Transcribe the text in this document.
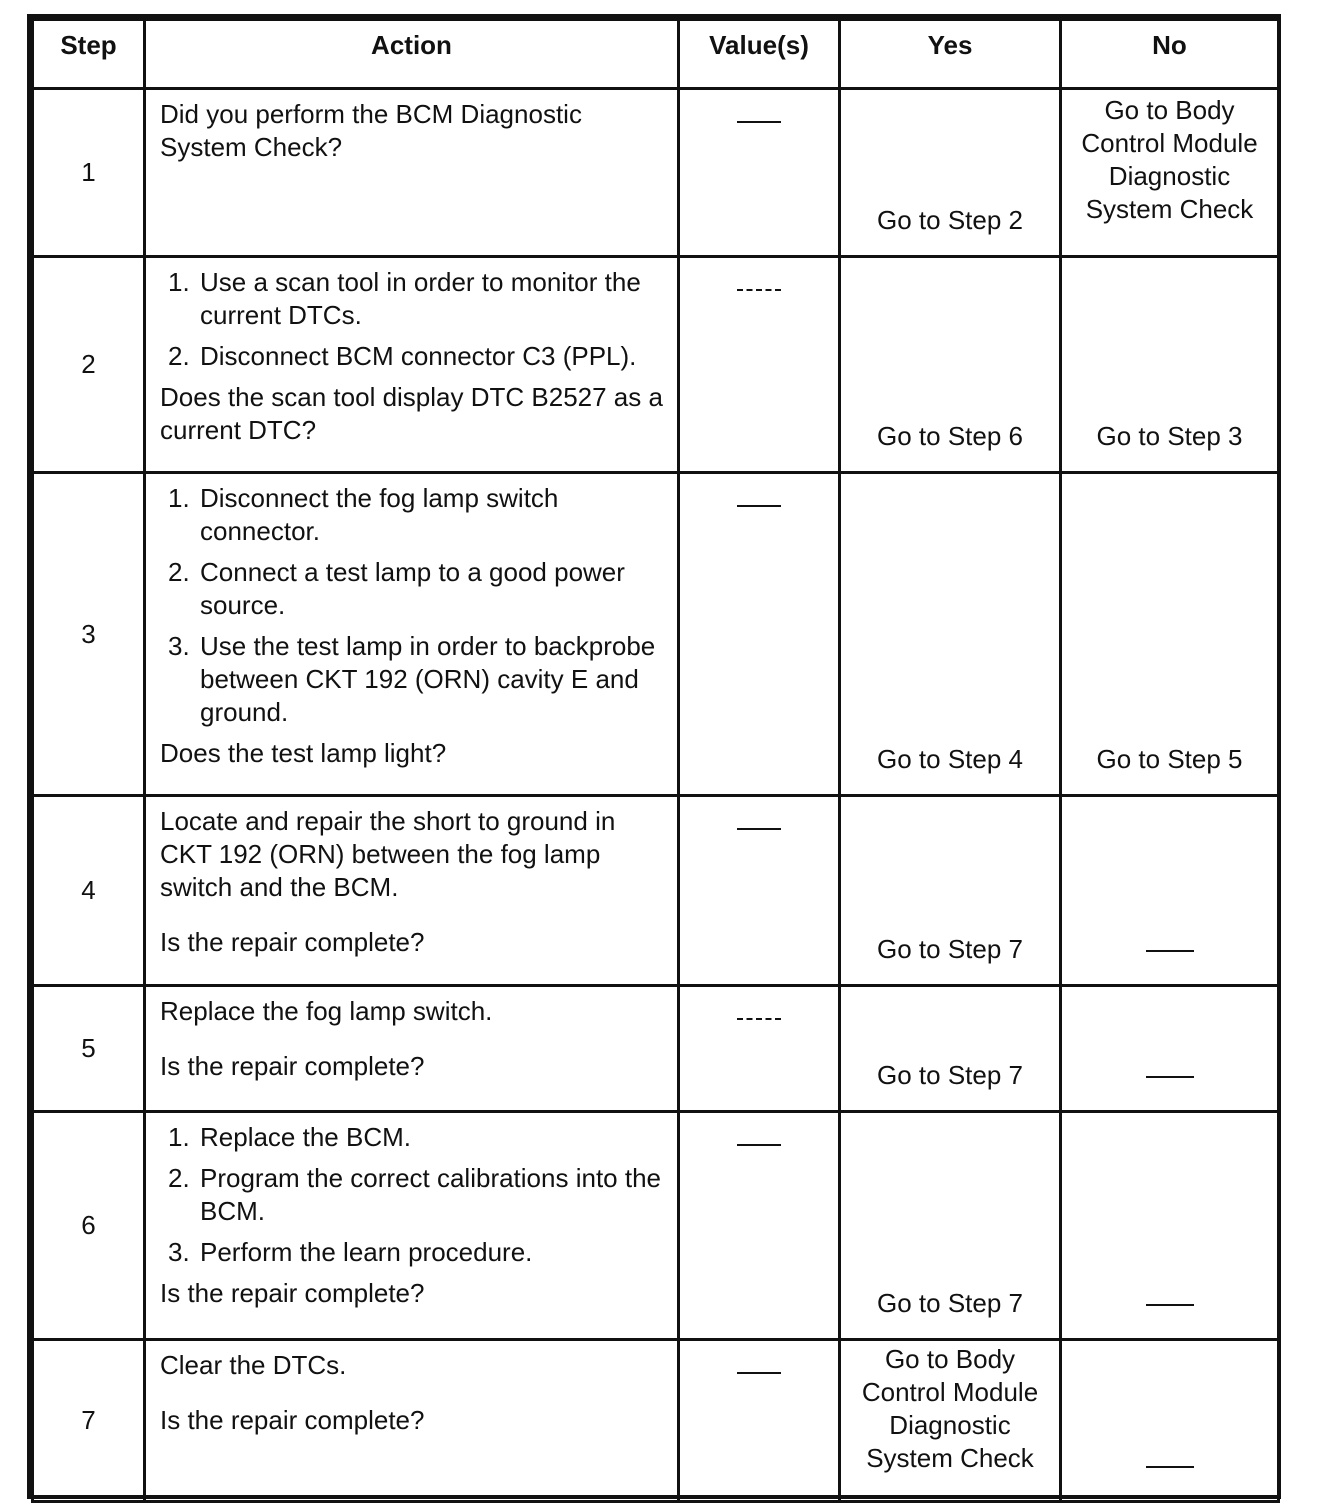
Step	Action	Value(s)	Yes	No
1	Did you perform the BCM Diagnostic System Check?		Go to Step 2	Go to Body Control Module Diagnostic System Check
2	1. Use a scan tool in order to monitor the current DTCs.
2. Disconnect BCM connector C3 (PPL).
Does the scan tool display DTC B2527 as a current DTC?		Go to Step 6	Go to Step 3
3	1. Disconnect the fog lamp switch connector.
2. Connect a test lamp to a good power source.
3. Use the test lamp in order to backprobe between CKT 192 (ORN) cavity E and ground.
Does the test lamp light?		Go to Step 4	Go to Step 5
4	Locate and repair the short to ground in CKT 192 (ORN) between the fog lamp switch and the BCM.
Is the repair complete?		Go to Step 7	
5	Replace the fog lamp switch.
Is the repair complete?		Go to Step 7	
6	1. Replace the BCM.
2. Program the correct calibrations into the BCM.
3. Perform the learn procedure.
Is the repair complete?		Go to Step 7	
7	Clear the DTCs.
Is the repair complete?		Go to Body Control Module Diagnostic System Check	
